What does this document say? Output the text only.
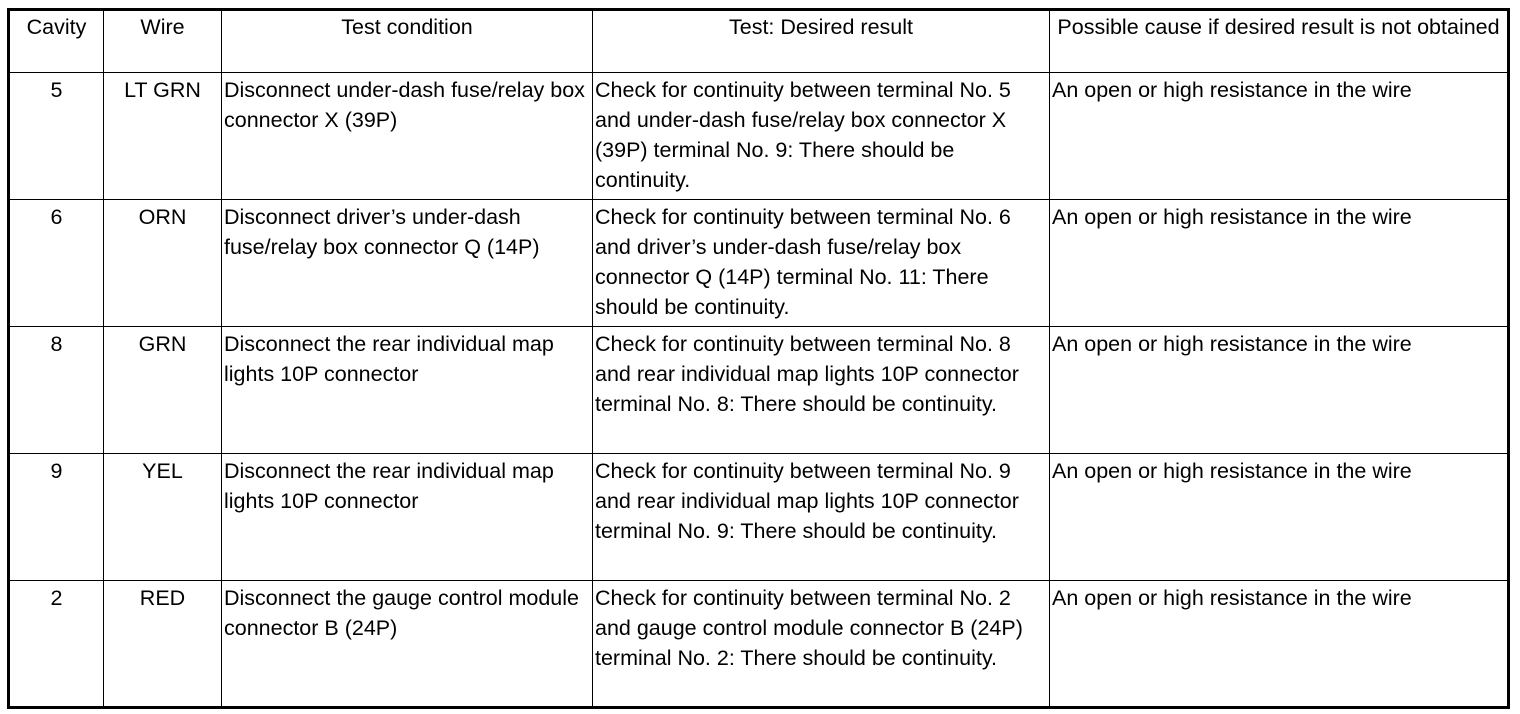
Cavity	Wire	Test condition	Test: Desired result	Possible cause if desired result is not obtained
5	LT GRN	Disconnect under-dash fuse/relay box connector X (39P)	Check for continuity between terminal No. 5   and under-dash fuse/relay box connector X (39P) terminal No. 9: There should be continuity.	An open or high resistance in the wire
6	ORN	Disconnect driver’s under-dash fuse/relay box connector Q (14P)	Check for continuity between terminal No. 6 and driver’s under-dash fuse/relay box connector Q (14P) terminal No. 11: There should be continuity.	An open or high resistance in the wire
8	GRN	Disconnect the rear individual map lights 10P connector	Check for continuity between terminal No. 8   and rear individual map lights 10P connector terminal No. 8: There should be continuity.	An open or high resistance in the wire
9	YEL	Disconnect the rear individual map lights 10P connector	Check for continuity between terminal No. 9   and rear individual map lights 10P connector terminal No. 9: There should be continuity.	An open or high resistance in the wire
2	RED	Disconnect the gauge control module connector B (24P)	Check for continuity between terminal No. 2   and gauge control module connector B (24P) terminal No. 2: There should be continuity.	An open or high resistance in the wire
